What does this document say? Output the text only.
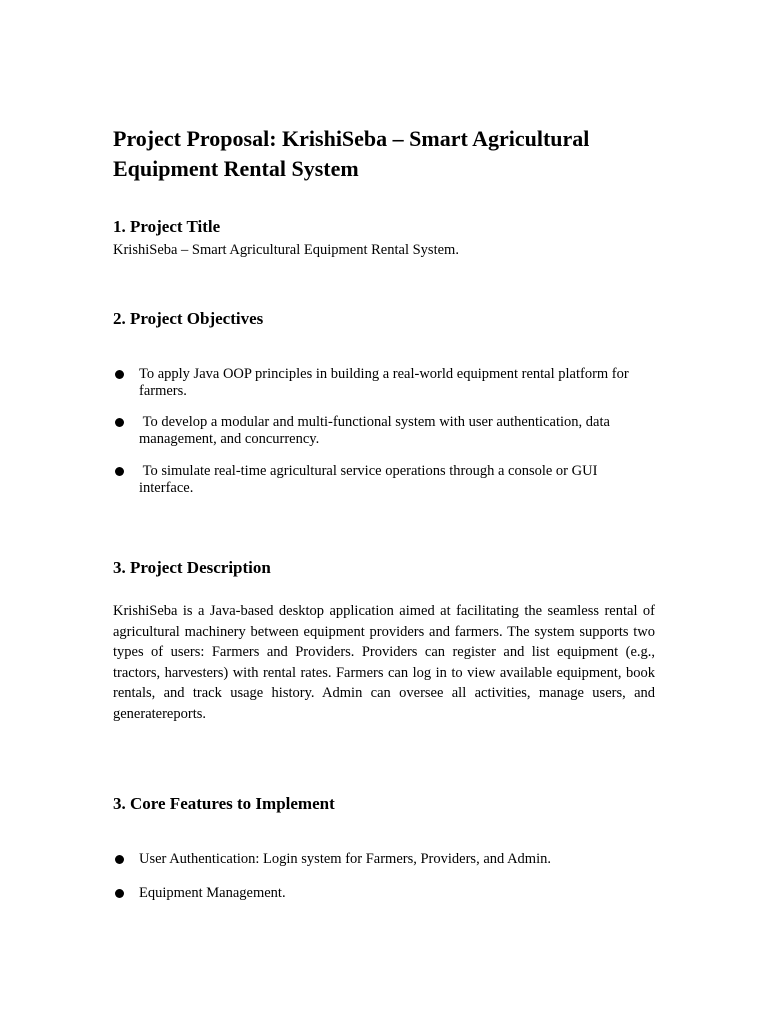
Project Proposal: KrishiSeba – Smart Agricultural Equipment Rental System
1. Project Title

KrishiSeba – Smart Agricultural Equipment Rental System.

2. Project Objectives
To apply Java OOP principles in building a real-world equipment rental platform for farmers.
To develop a modular and multi-functional system with user authentication, data management, and concurrency.
To simulate real-time agricultural service operations through a console or GUI interface.
3. Project Description

KrishiSeba is a Java-based desktop application aimed at facilitating the seamless rental of agricultural machinery between equipment providers and farmers. The system supports two types of users: Farmers and Providers. Providers can register and list equipment (e.g., tractors, harvesters) with rental rates. Farmers can log in to view available equipment, book rentals, and track usage history. Admin can oversee all activities, manage users, and generatereports.

3. Core Features to Implement
User Authentication: Login system for Farmers, Providers, and Admin.
Equipment Management.
